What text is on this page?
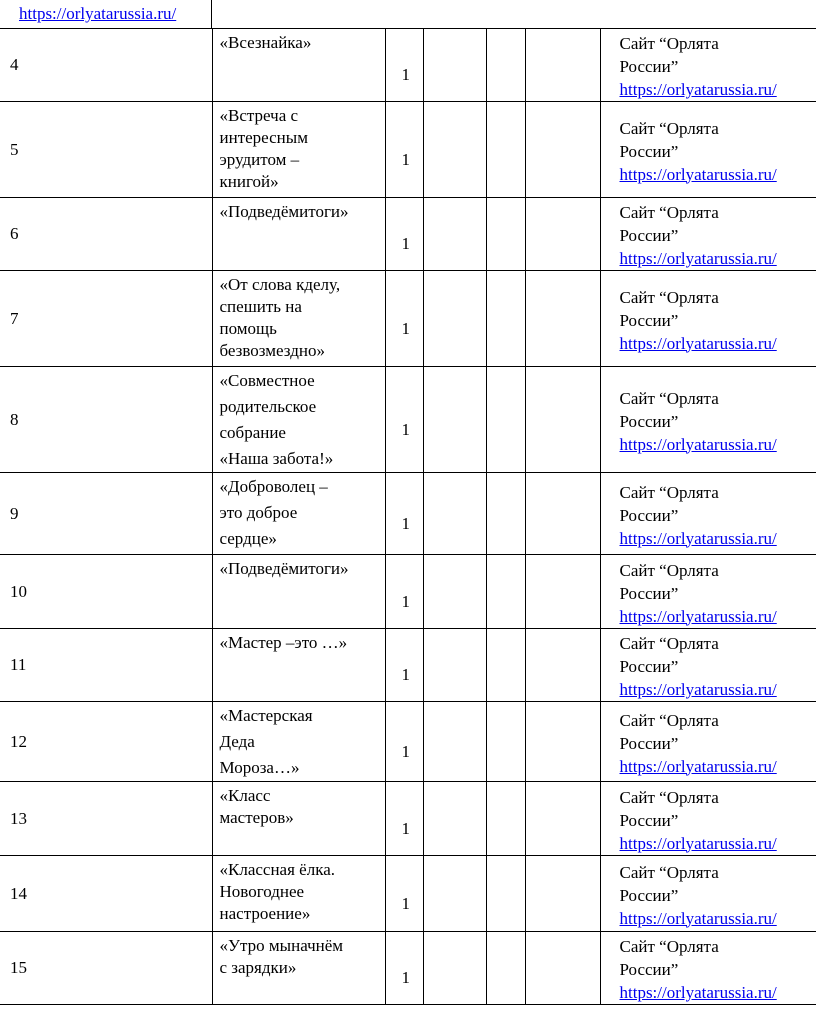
https://orlyatarussia.ru/
4	«Всезнайка»	1				Сайт “Орлята
России”
https://orlyatarussia.ru/

5	«Встреча с
интересным
эрудитом –
книгой»	1				Сайт “Орлята
России”
https://orlyatarussia.ru/

6	«Подведёмитоги»	1				Сайт “Орлята
России”
https://orlyatarussia.ru/

7	«От слова кделу,
спешить на
помощь
безвозмездно»	1				Сайт “Орлята
России”
https://orlyatarussia.ru/

8	«Совместное
родительское
собрание
«Наша забота!»	1				Сайт “Орлята
России”
https://orlyatarussia.ru/

9	«Доброволец –
это доброе
сердце»	1				Сайт “Орлята
России”
https://orlyatarussia.ru/

10	«Подведёмитоги»	1				Сайт “Орлята
России”
https://orlyatarussia.ru/

11	«Мастер –это …»	1				Сайт “Орлята
России”
https://orlyatarussia.ru/

12	«Мастерская
Деда
Мороза…»	1				Сайт “Орлята
России”
https://orlyatarussia.ru/

13	«Класс
мастеров»	1				Сайт “Орлята
России”
https://orlyatarussia.ru/

14	«Классная ёлка.
Новогоднее
настроение»	1				Сайт “Орлята
России”
https://orlyatarussia.ru/

15	«Утро мыначнём
с зарядки»	1				Сайт “Орлята
России”
https://orlyatarussia.ru/
